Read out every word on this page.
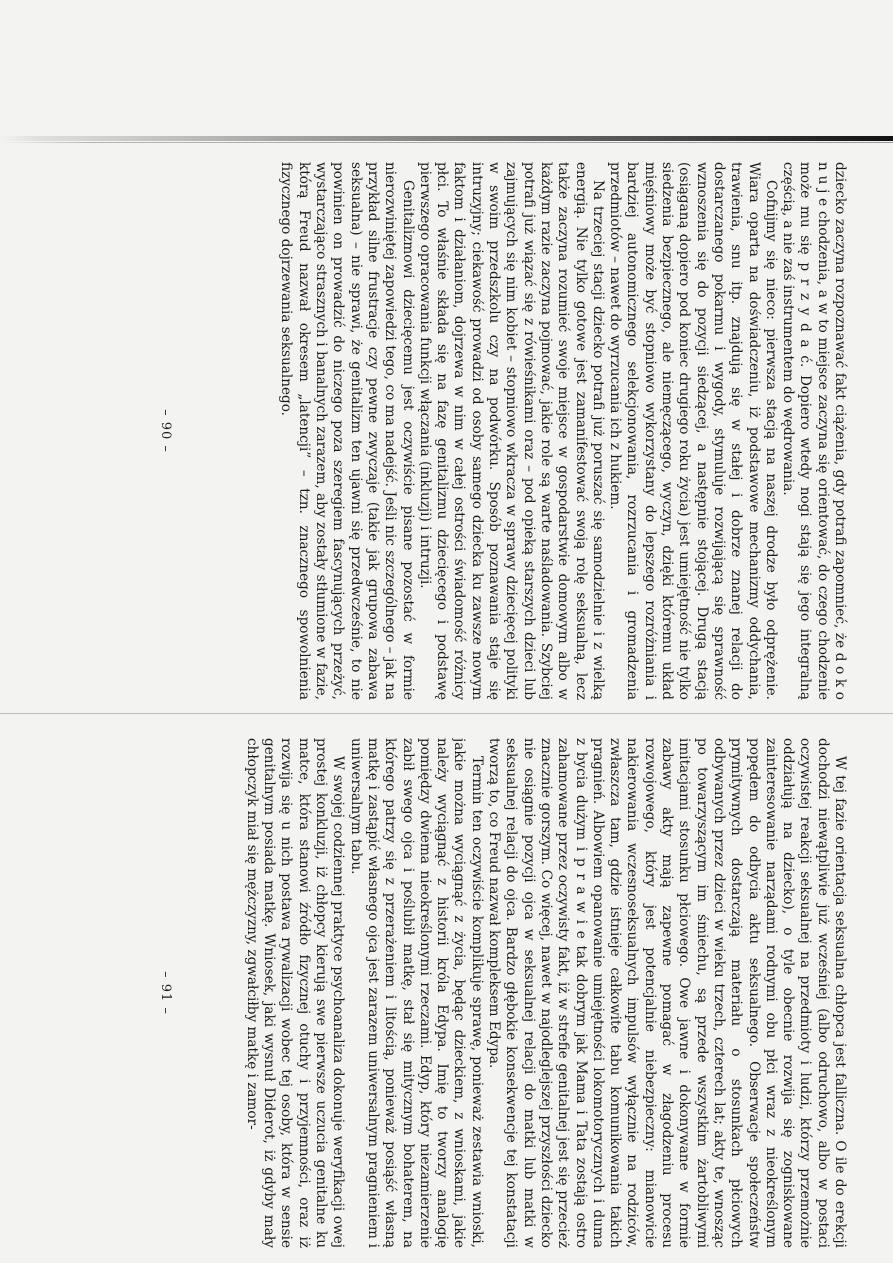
dziecko zaczyna rozpoznawać fakt ciążenia, gdy potrafi zapomnieć, że d o k o n u j e chodzenia, a w to miejsce zaczyna się orientować, do czego chodzenie może mu się p r z y d a ć. Dopiero wtedy nogi stają się jego integralną częścią, a nie zaś instrumentem do wędrowania.

Cofnijmy się nieco: pierwsza stacją na naszej drodze było odprężenie. Wiara oparta na doświadczeniu, iż podstawowe mechanizmy oddychania, trawienia, snu itp. znajdują się w stałej i dobrze znanej relacji do dostarczanego pokarmu i wygody, stymuluje rozwijającą się sprawność wznoszenia się do pozycji siedzącej, a następnie stojącej. Drugą stacją (osiąganą dopiero pod koniec drugiego roku życia) jest umiejętność nie tylko siedzenia bezpiecznego, ale niemęczącego, wyczyn, dzięki któremu układ mięśniowy może być stopniowo wykorzystany do lepszego rozróżniania i bardziej autonomicznego selekcjonowania, rozrzucania i gromadzenia przedmiotów – nawet do wyrzucania ich z hukiem.

Na trzeciej stacji dziecko potrafi już poruszać się samodzielnie i z wielką energią. Nie tylko gotowe jest zamanifestować swoją rolę seksualną, lecz także zaczyna rozumieć swoje miejsce w gospodarstwie domowym albo w każdym razie zaczyna pojmować, jakie role są warte naśladowania. Szybciej potrafi już wiązać się z rówieśnikami oraz – pod opieką starszych dzieci lub zajmujących się nim kobiet – stopniowo wkracza w sprawy dziecięcej polityki w swoim przedszkolu czy na podwórku. Sposób poznawania staje się intruzyjny; ciekawość prowadzi od osoby samego dziecka ku zawsze nowym faktom i działaniom, dojrzewa w nim w całej ostrości świadomość różnicy płci. To właśnie składa się na fazę genitalizmu dziecięcego i podstawę pierwszego opracowania funkcji włączania (inkluzji) i intruzji.

Genitalizmowi dziecięcemu jest oczywiście pisane pozostać w formie nierozwiniętej zapowiedzi tego, co ma nadejść. Jeśli nic szczególnego – jak na przykład silne frustracje czy pewne zwyczaje (takie jak grupowa zabawa seksualna) – nie sprawi, że genitalizm ten ujawni się przedwcześnie, to nie powinien on prowadzić do niczego poza szeregiem fascynujących przeżyć, wystarczająco strasznych i banalnych zarazem, aby zostały stłumione w fazie, którą Freud nazwał okresem „latencji” – tzn. znacznego spowolnienia fizycznego dojrzewania seksualnego.

– 90 –

W tej fazie orientacja seksualna chłopca jest falliczna. O ile do erekcji dochodzi niewątpliwie już wcześniej (albo odruchowo, albo w postaci oczywistej reakcji seksualnej na przedmioty i ludzi, którzy przemożnie oddziałują na dziecko), o tyle obecnie rozwija się zogniskowane zainteresowanie narządami rodnymi obu płci wraz z nieokreślonym popędem do odbycia aktu seksualnego. Obserwacje społeczeństw prymitywnych dostarczają materiału o stosunkach płciowych odbywanych przez dzieci w wieku trzech, czterech lat; akty te, wnosząc po towarzyszącym im śmiechu, są przede wszystkim żartobliwymi imitacjami stosunku płciowego. Owe jawne i dokonywane w formie zabawy akty mają zapewne pomagać w złagodzeniu procesu rozwojowego, który jest potencjalnie niebezpieczny: mianowicie nakierowania wczesnoseksualnych impulsów wyłącznie na rodziców, zwłaszcza tam, gdzie istnieje całkowite tabu komunikowania takich pragnień. Albowiem opanowanie umiejętności lokomotorycznych i duma z bycia dużym i p r a w i e tak dobrym jak Mama i Tata zostają ostro zahamowane przez oczywisty fakt, iż w strefie genitalnej jest się przecież znacznie gorszym. Co więcej, nawet w najodleglejszej przyszłości dziecko nie osiągnie pozycji ojca w seksualnej relacji do matki lub matki w seksualnej relacji do ojca. Bardzo głębokie konsekwencje tej konstatacji tworzą to, co Freud nazwał kompleksem Edypa.

Termin ten oczywiście komplikuje sprawę, ponieważ zestawia wnioski, jakie można wyciągnąć z życia, będąc dzieckiem, z wnioskami, jakie należy wyciągnąć z historii króla Edypa. Imię to tworzy analogię pomiędzy dwiema nieokreślonymi rzeczami. Edyp, który niezamierzenie zabił swego ojca i poślubił matkę, stał się mitycznym bohaterem, na którego patrzy się z przerażeniem i litością, ponieważ posiąść własną matkę i zastąpić własnego ojca jest zarazem uniwersalnym pragnieniem i uniwersalnym tabu.

W swojej codziennej praktyce psychoanaliza dokonuje weryfikacji owej prostej konkluzji, iż chłopcy kierują swe pierwsze uczucia genitalne ku matce, która stanowi źródło fizycznej otuchy i przyjemności, oraz iż rozwija się u nich postawa rywalizacji wobec tej osoby, która w sensie genitalnym posiada matkę. Wniosek, jaki wysnuł Diderot, iż gdyby mały chłopczyk miał się mężczyzny, zgwałciłby matkę i zamor-

– 91 –
